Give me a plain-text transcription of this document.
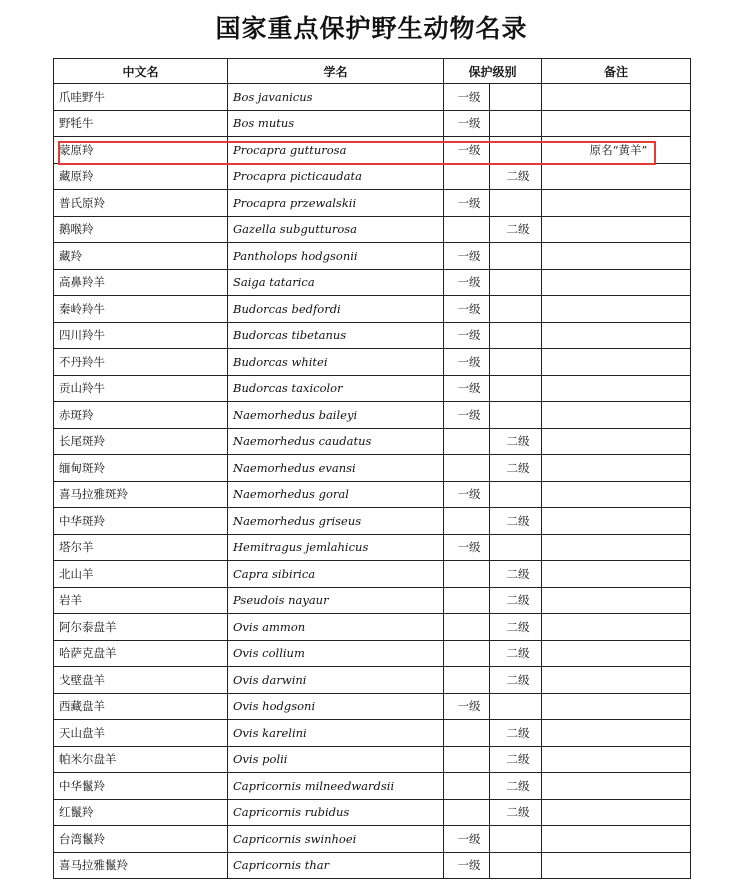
国家重点保护野生动物名录
中文名	学名	保护级别		备注
爪哇野牛	Bos javanicus	一级		
野牦牛	Bos mutus	一级		
蒙原羚	Procapra gutturosa	一级		原名“黄羊”
藏原羚	Procapra picticaudata		二级	
普氏原羚	Procapra przewalskii	一级		
鹅喉羚	Gazella subgutturosa		二级	
藏羚	Pantholops hodgsonii	一级		
高鼻羚羊	Saiga tatarica	一级		
秦岭羚牛	Budorcas bedfordi	一级		
四川羚牛	Budorcas tibetanus	一级		
不丹羚牛	Budorcas whitei	一级		
贡山羚牛	Budorcas taxicolor	一级		
赤斑羚	Naemorhedus baileyi	一级		
长尾斑羚	Naemorhedus caudatus		二级	
缅甸斑羚	Naemorhedus evansi		二级	
喜马拉雅斑羚	Naemorhedus goral	一级		
中华斑羚	Naemorhedus griseus		二级	
塔尔羊	Hemitragus jemlahicus	一级		
北山羊	Capra sibirica		二级	
岩羊	Pseudois nayaur		二级	
阿尔泰盘羊	Ovis ammon		二级	
哈萨克盘羊	Ovis collium		二级	
戈壁盘羊	Ovis darwini		二级	
西藏盘羊	Ovis hodgsoni	一级		
天山盘羊	Ovis karelini		二级	
帕米尔盘羊	Ovis polii		二级	
中华鬣羚	Capricornis milneedwardsii		二级	
红鬣羚	Capricornis rubidus		二级	
台湾鬣羚	Capricornis swinhoei	一级		
喜马拉雅鬣羚	Capricornis thar	一级		
